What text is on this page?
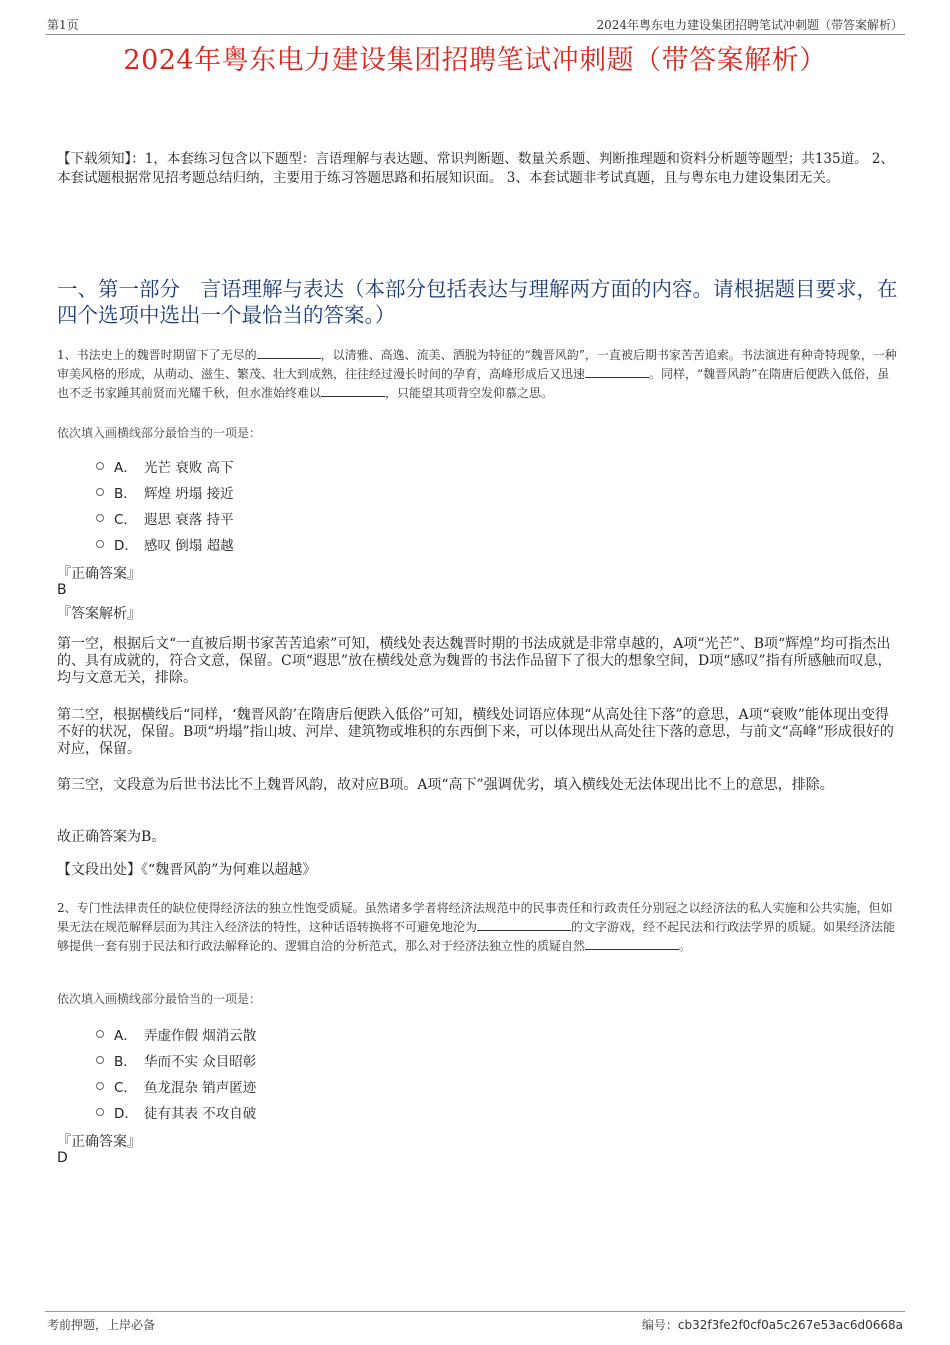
第1页	2024年粤东电力建设集团招聘笔试冲刺题（带答案解析）
2024年粤东电力建设集团招聘笔试冲刺题（带答案解析）
【下载须知】：1，本套练习包含以下题型：言语理解与表达题、常识判断题、数量关系题、判断推理题和资料分析题等题型；共135道。 2、本套试题根据常见招考题总结归纳，主要用于练习答题思路和拓展知识面。 3、本套试题非考试真题，且与粤东电力建设集团无关。
一、第一部分　言语理解与表达（本部分包括表达与理解两方面的内容。请根据题目要求，在四个选项中选出一个最恰当的答案。）
1、书法史上的魏晋时期留下了无尽的	，以清雅、高逸、流美、洒脱为特征的“魏晋风韵”，一直被后期书家苦苦追索。书法演进有种奇特现象，一种审美风格的形成，从萌动、滋生、繁茂、壮大到成熟，往往经过漫长时间的孕育，高峰形成后又迅速	。同样，“魏晋风韵”在隋唐后便跌入低俗，虽也不乏书家踵其前贤而光耀千秋，但水准始终难以	，只能望其项背空发仰慕之思。
依次填入画横线部分最恰当的一项是：
A． 光芒 衰败 高下
B． 辉煌 坍塌 接近
C． 遐思 衰落 持平
D． 感叹 倒塌 超越
『正确答案』
B
『答案解析』
第一空，根据后文“一直被后期书家苦苦追索”可知，横线处表达魏晋时期的书法成就是非常卓越的，A项“光芒”、B项“辉煌”均可指杰出的、具有成就的，符合文意，保留。C项“遐思”放在横线处意为魏晋的书法作品留下了很大的想象空间，D项“感叹”指有所感触而叹息，均与文意无关，排除。
第二空，根据横线后“同样，‘魏晋风韵’在隋唐后便跌入低俗”可知，横线处词语应体现“从高处往下落”的意思，A项“衰败”能体现出变得不好的状况，保留。B项“坍塌”指山坡、河岸、建筑物或堆积的东西倒下来，可以体现出从高处往下落的意思，与前文“高峰”形成很好的对应，保留。
第三空，文段意为后世书法比不上魏晋风韵，故对应B项。A项“高下”强调优劣，填入横线处无法体现出比不上的意思，排除。
故正确答案为B。
【文段出处】《“魏晋风韵”为何难以超越》
2、专门性法律责任的缺位使得经济法的独立性饱受质疑。虽然诸多学者将经济法规范中的民事责任和行政责任分别冠之以经济法的私人实施和公共实施，但如果无法在规范解释层面为其注入经济法的特性，这种话语转换将不可避免地沦为	的文字游戏，经不起民法和行政法学界的质疑。如果经济法能够提供一套有别于民法和行政法解释论的、逻辑自洽的分析范式，那么对于经济法独立性的质疑自然	。
依次填入画横线部分最恰当的一项是：
A． 弄虚作假 烟消云散
B． 华而不实 众目昭彰
C． 鱼龙混杂 销声匿迹
D． 徒有其表 不攻自破
『正确答案』
D
考前押题，上岸必备	编号：cb32f3fe2f0cf0a5c267e53ac6d0668a
